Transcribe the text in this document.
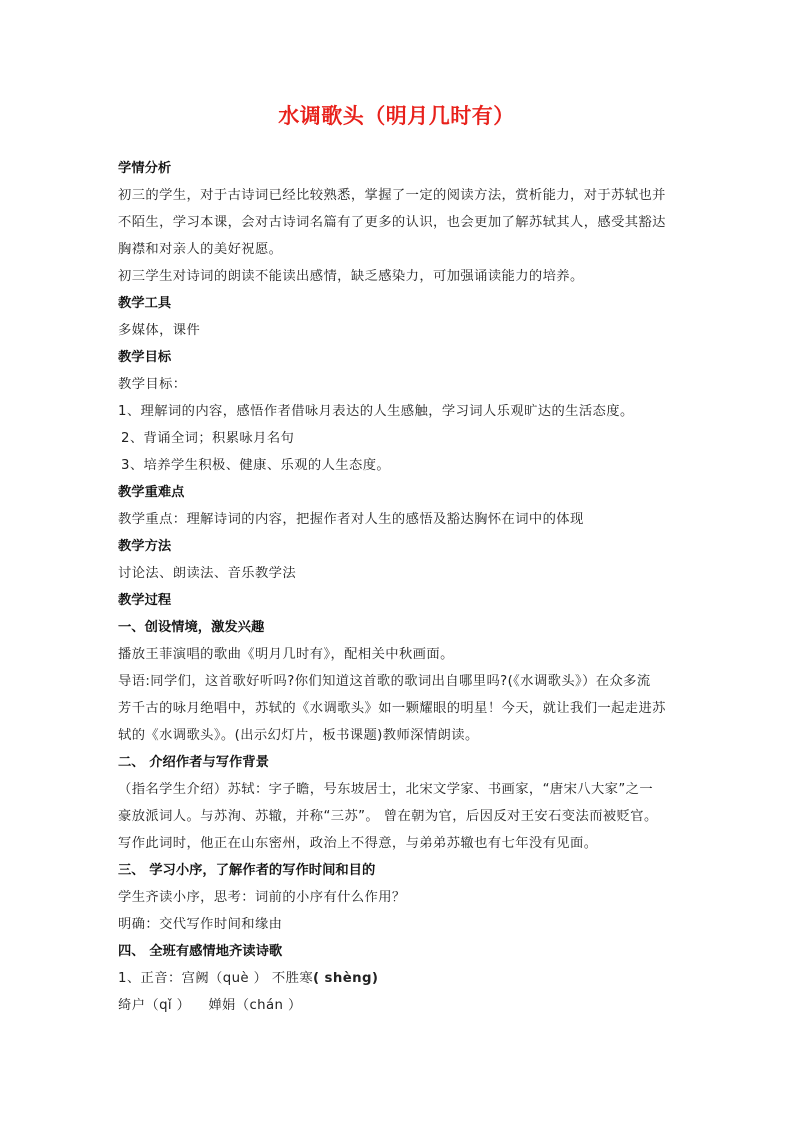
水调歌头（明月几时有）
学情分析
初三的学生，对于古诗词已经比较熟悉，掌握了一定的阅读方法，赏析能力，对于苏轼也并
不陌生，学习本课，会对古诗词名篇有了更多的认识，也会更加了解苏轼其人，感受其豁达
胸襟和对亲人的美好祝愿。
初三学生对诗词的朗读不能读出感情，缺乏感染力，可加强诵读能力的培养。
教学工具
多媒体，课件
教学目标
教学目标：
1、理解词的内容，感悟作者借咏月表达的人生感触，学习词人乐观旷达的生活态度。
2、背诵全词；积累咏月名句
3、培养学生积极、健康、乐观的人生态度。
教学重难点
教学重点：理解诗词的内容，把握作者对人生的感悟及豁达胸怀在词中的体现
教学方法
讨论法、朗读法、音乐教学法
教学过程
一、创设情境，激发兴趣
播放王菲演唱的歌曲《明月几时有》，配相关中秋画面。
导语:同学们，这首歌好听吗?你们知道这首歌的歌词出自哪里吗?(《水调歌头》）在众多流
芳千古的咏月绝唱中，苏轼的《水调歌头》如一颗耀眼的明星！今天，就让我们一起走进苏
轼的《水调歌头》。(出示幻灯片，板书课题)教师深情朗读。
二、 介绍作者与写作背景
（指名学生介绍）苏轼：字子瞻，号东坡居士，北宋文学家、书画家，“唐宋八大家”之一
豪放派词人。与苏洵、苏辙，并称“三苏”。 曾在朝为官，后因反对王安石变法而被贬官。
写作此词时，他正在山东密州，政治上不得意，与弟弟苏辙也有七年没有见面。
三、 学习小序，了解作者的写作时间和目的
学生齐读小序，思考：词前的小序有什么作用？
明确：交代写作时间和缘由
四、 全班有感情地齐读诗歌
1、正音：宫阙（què ） 不胜寒( shèng)
绮户（qǐ ） 婵娟（chán ）
